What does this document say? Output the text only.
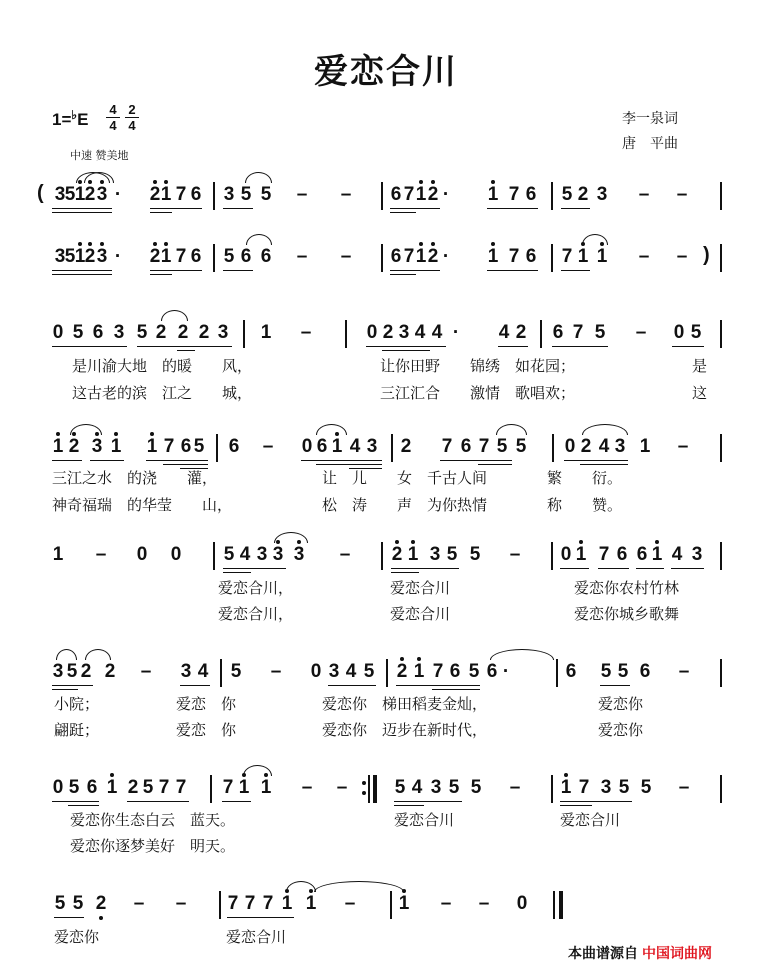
爱恋合川
$1=^♭E \frac{4}{4} \frac{2}{4}$
中速 赞美地
李一泉词
唐　平曲
( 3 5 1 2 3 · 2 1 7 6 3 5 5 – – 6 7 1 2 · 1 7 6 5 2 3 – –
3 5 1 2 3 · 2 1 7 6 5 6 6 – – 6 7 1 2 · 1 7 6 7 1 1 – – )
0 5 6 3 5 2 2 2 3 1 –	0 2 3 4 4 · 4 2 6 7 5 – 0 5
1 2 3 1 1 7 6 5 6 – 0 6 1 4 3 2 7 6 7 5 5 0 2 4 3 1 –
1 – 0 0 5 4 3 3 3 – 2 1 3 5 5 – 0 1 7 6 6 1 4 3
3 5 2 2 – 3 4 5 – 0 3 4 5 2 1 7 6 5 6 ·	6 5 5 6 –
0 5 6 1 2 5 7 7 7 1 1 – – 5 4 3 5 5 – 1 7 3 5 5 –
5 5 2 – – 7 7 7 1 1 – 1 – – 0
是川渝大地　的暖　　风，	让你田野　　锦绣　如花园；	是
这古老的滨　江之　　城，	三江汇合　　激情　歌唱欢；	这
三江之水　的浇　　灌，	让　儿　　女　千古人间　　　　繁　　衍。
神奇福瑞　的华莹　　山，	松　涛　　声　为你热情　　　　称　　赞。
爱恋合川，	爱恋合川	爱恋你农村竹林
爱恋合川，	爱恋合川	爱恋你城乡歌舞
小院；	爱恋　你	爱恋你　梯田稻麦金灿，	爱恋你
翩跹；	爱恋　你	爱恋你　迈步在新时代，	爱恋你
爱恋你生态白云　蓝天。	爱恋合川	爱恋合川
爱恋你逐梦美好　明天。
爱恋你	爱恋合川
本曲谱源自 中国词曲网
